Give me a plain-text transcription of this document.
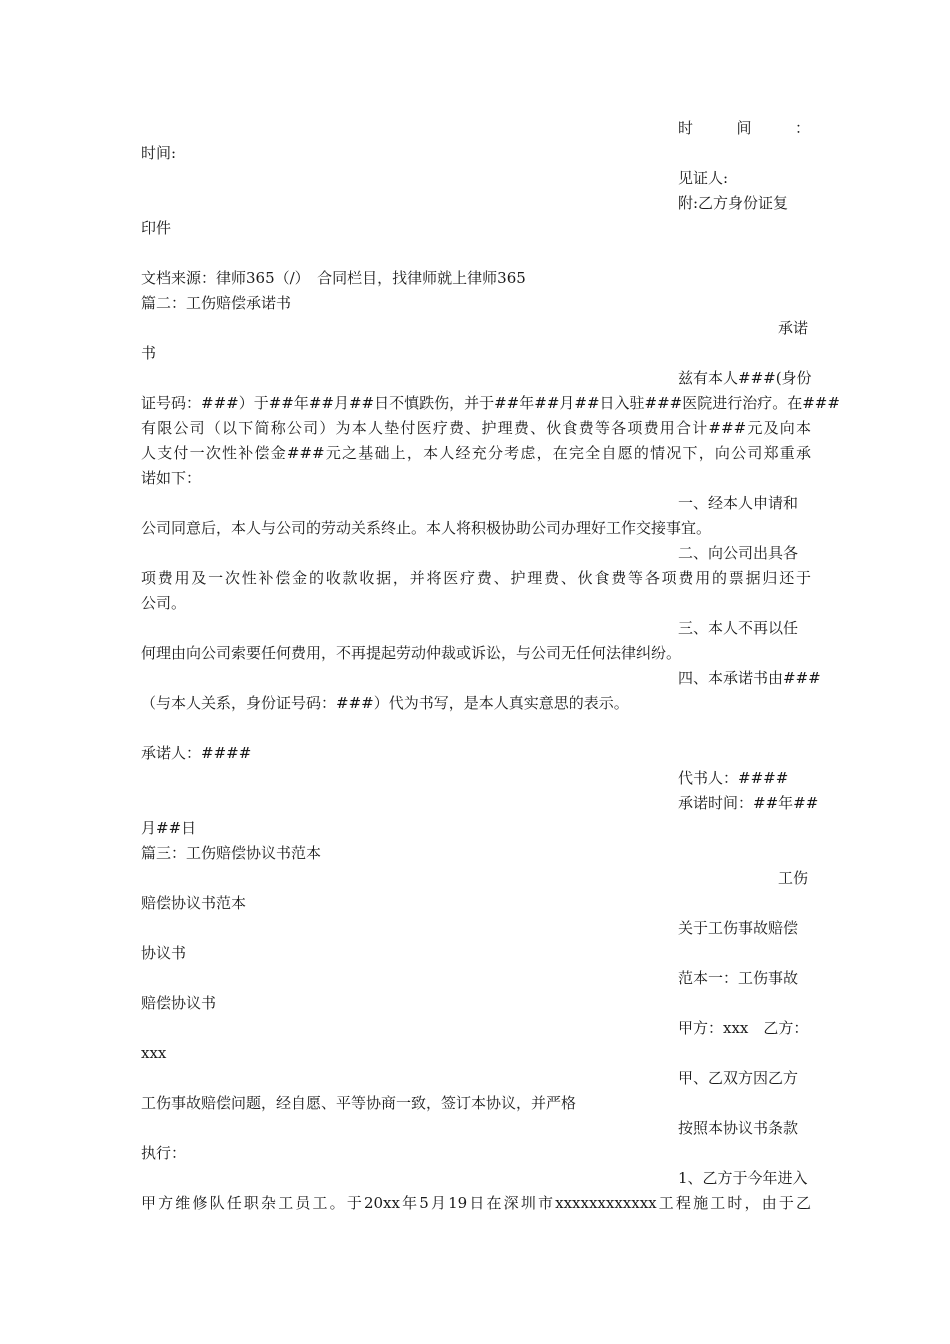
时　　间　　：
时间:
见证人:
附:乙方身份证复
印件
文档来源：律师365（/）　合同栏目，找律师就上律师365
篇二：工伤赔偿承诺书
承诺
书
兹有本人###(身份
证号码：###）于##年##月##日不慎跌伤，并于##年##月##日入驻###医院进行治疗。在###
有限公司（以下简称公司）为本人垫付医疗费、护理费、伙食费等各项费用合计###元及向本
人支付一次性补偿金###元之基础上，本人经充分考虑，在完全自愿的情况下，向公司郑重承
诺如下：
一、经本人申请和
公司同意后，本人与公司的劳动关系终止。本人将积极协助公司办理好工作交接事宜。
二、向公司出具各
项费用及一次性补偿金的收款收据，并将医疗费、护理费、伙食费等各项费用的票据归还于
公司。
三、本人不再以任
何理由向公司索要任何费用，不再提起劳动仲裁或诉讼，与公司无任何法律纠纷。
四、本承诺书由###
（与本人关系，身份证号码：###）代为书写，是本人真实意思的表示。
承诺人：####
代书人：####
承诺时间：##年##
月##日
篇三：工伤赔偿协议书范本
工伤
赔偿协议书范本
关于工伤事故赔偿
协议书
范本一：工伤事故
赔偿协议书
甲方：xxx　乙方：
xxx
甲、乙双方因乙方
工伤事故赔偿问题，经自愿、平等协商一致，签订本协议，并严格
按照本协议书条款
执行：
1、乙方于今年进入
甲方维修队任职杂工员工。于20xx年5月19日在深圳市xxxxxxxxxxxx工程施工时，由于乙
